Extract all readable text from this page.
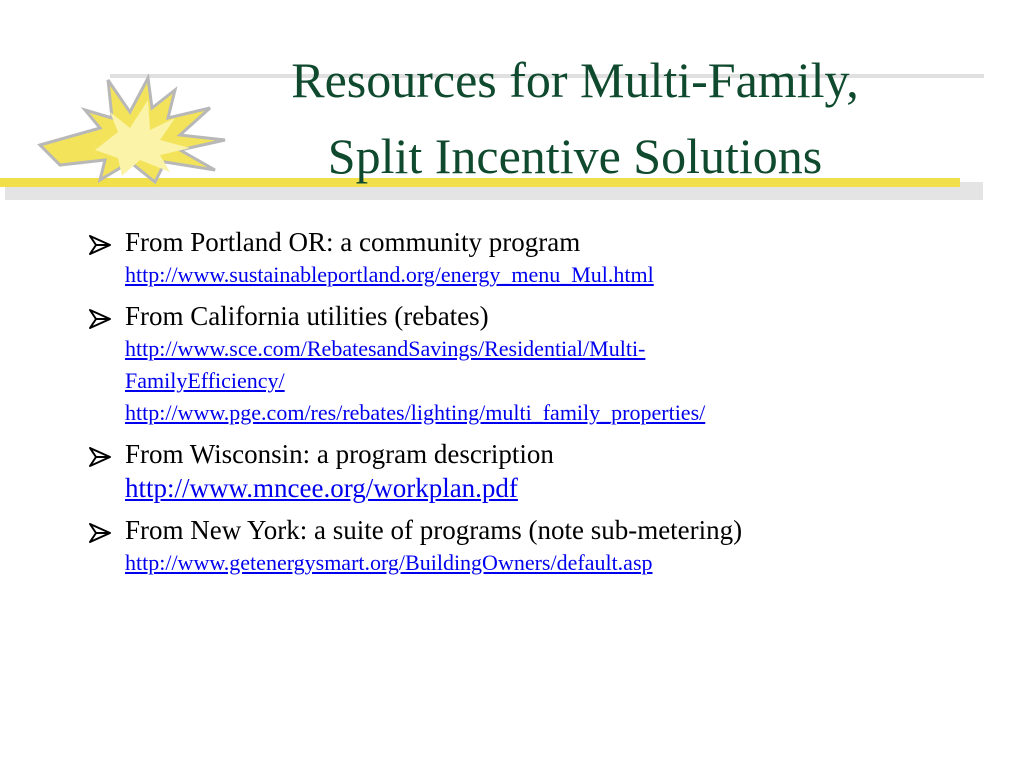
Resources for Multi-Family,
Split Incentive Solutions
From Portland OR: a community program
http://www.sustainableportland.org/energy_menu_Mul.html
From California utilities (rebates)
http://www.sce.com/RebatesandSavings/Residential/Multi-
FamilyEfficiency/
http://www.pge.com/res/rebates/lighting/multi_family_properties/
From Wisconsin: a program description
http://www.mncee.org/workplan.pdf
From New York: a suite of programs (note sub-metering)
http://www.getenergysmart.org/BuildingOwners/default.asp
